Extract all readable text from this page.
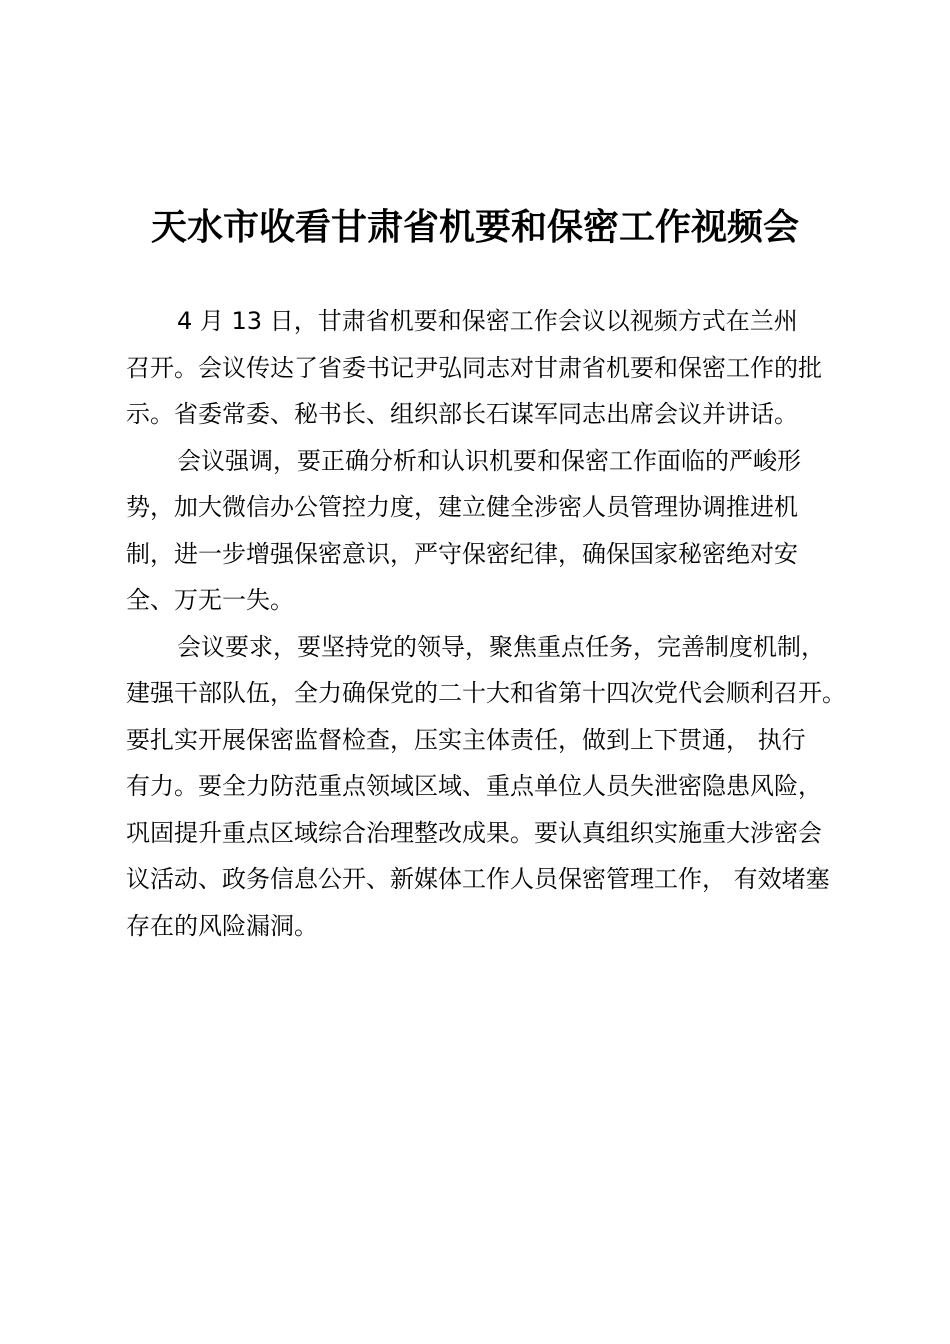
天水市收看甘肃省机要和保密工作视频会
4 月 13 日，甘肃省机要和保密工作会议以视频方式在兰州
召开。会议传达了省委书记尹弘同志对甘肃省机要和保密工作的批
示。省委常委、秘书长、组织部长石谋军同志出席会议并讲话。
会议强调，要正确分析和认识机要和保密工作面临的严峻形
势，加大微信办公管控力度，建立健全涉密人员管理协调推进机
制，进一步增强保密意识，严守保密纪律，确保国家秘密绝对安
全、万无一失。
会议要求，要坚持党的领导，聚焦重点任务，完善制度机制，
建强干部队伍，全力确保党的二十大和省第十四次党代会顺利召开。
要扎实开展保密监督检查，压实主体责任，做到上下贯通， 执行
有力。要全力防范重点领域区域、重点单位人员失泄密隐患风险，
巩固提升重点区域综合治理整改成果。要认真组织实施重大涉密会
议活动、政务信息公开、新媒体工作人员保密管理工作， 有效堵塞
存在的风险漏洞。
